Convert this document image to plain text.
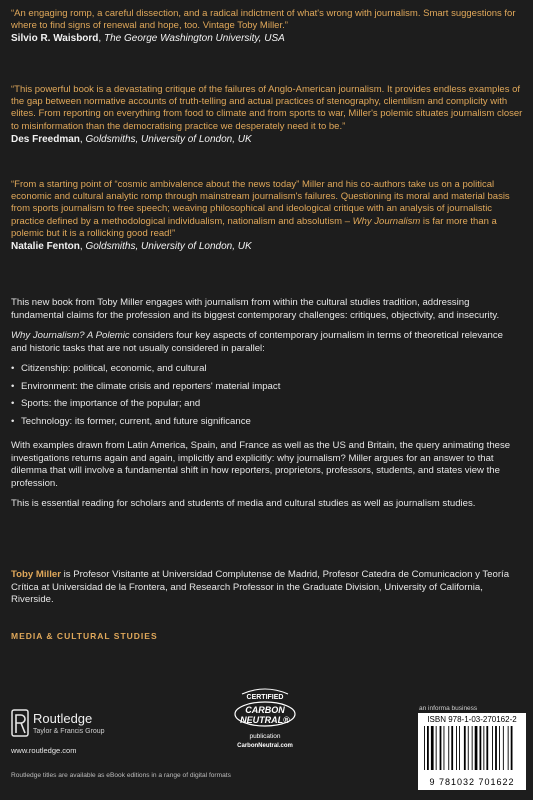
“An engaging romp, a careful dissection, and a radical indictment of what's wrong with journalism. Smart suggestions for where to find signs of renewal and hope, too. Vintage Toby Miller.”

Silvio R. Waisbord, The George Washington University, USA

“This powerful book is a devastating critique of the failures of Anglo-American journalism. It provides endless examples of the gap between normative accounts of truth-telling and actual practices of stenography, clientilism and complicity with elites. From reporting on everything from food to climate and from sports to war, Miller's polemic situates journalism closer to misinformation than the democratising practice we desperately need it to be.”

Des Freedman, Goldsmiths, University of London, UK

“From a starting point of “cosmic ambivalence about the news today” Miller and his co-authors take us on a political economic and cultural analytic romp through mainstream journalism's failures. Questioning its moral and material basis from sports journalism to free speech; weaving philosophical and ideological critique with an analysis of journalistic practice defined by a methodological individualism, nationalism and absolutism – Why Journalism is far more than a polemic but it is a rollicking good read!”

Natalie Fenton, Goldsmiths, University of London, UK

This new book from Toby Miller engages with journalism from within the cultural studies tradition, addressing fundamental claims for the profession and its biggest contemporary challenges: critiques, objectivity, and insecurity.

Why Journalism? A Polemic considers four key aspects of contemporary journalism in terms of theoretical relevance and historic tasks that are not usually considered in parallel:

• Citizenship: political, economic, and cultural
• Environment: the climate crisis and reporters' material impact
• Sports: the importance of the popular; and
• Technology: its former, current, and future significance

With examples drawn from Latin America, Spain, and France as well as the US and Britain, the query animating these investigations returns again and again, implicitly and explicitly: why journalism? Miller argues for an answer to that dilemma that will involve a fundamental shift in how reporters, proprietors, professors, students, and states view the profession.

This is essential reading for scholars and students of media and cultural studies as well as journalism studies.

Toby Miller is Profesor Visitante at Universidad Complutense de Madrid, Profesor Catedra de Comunicacion y Teoría Crítica at Universidad de la Frontera, and Research Professor in the Graduate Division, University of California, Riverside.
MEDIA & CULTURAL STUDIES
Routledge
Taylor & Francis Group
www.routledge.com
Routledge titles are available as eBook editions in a range of digital formats
CERTIFIED
CARBON
NEUTRAL®
publication
CarbonNeutral.com
an informa business
ISBN 978-1-03-270162-2
9 781032 701622
